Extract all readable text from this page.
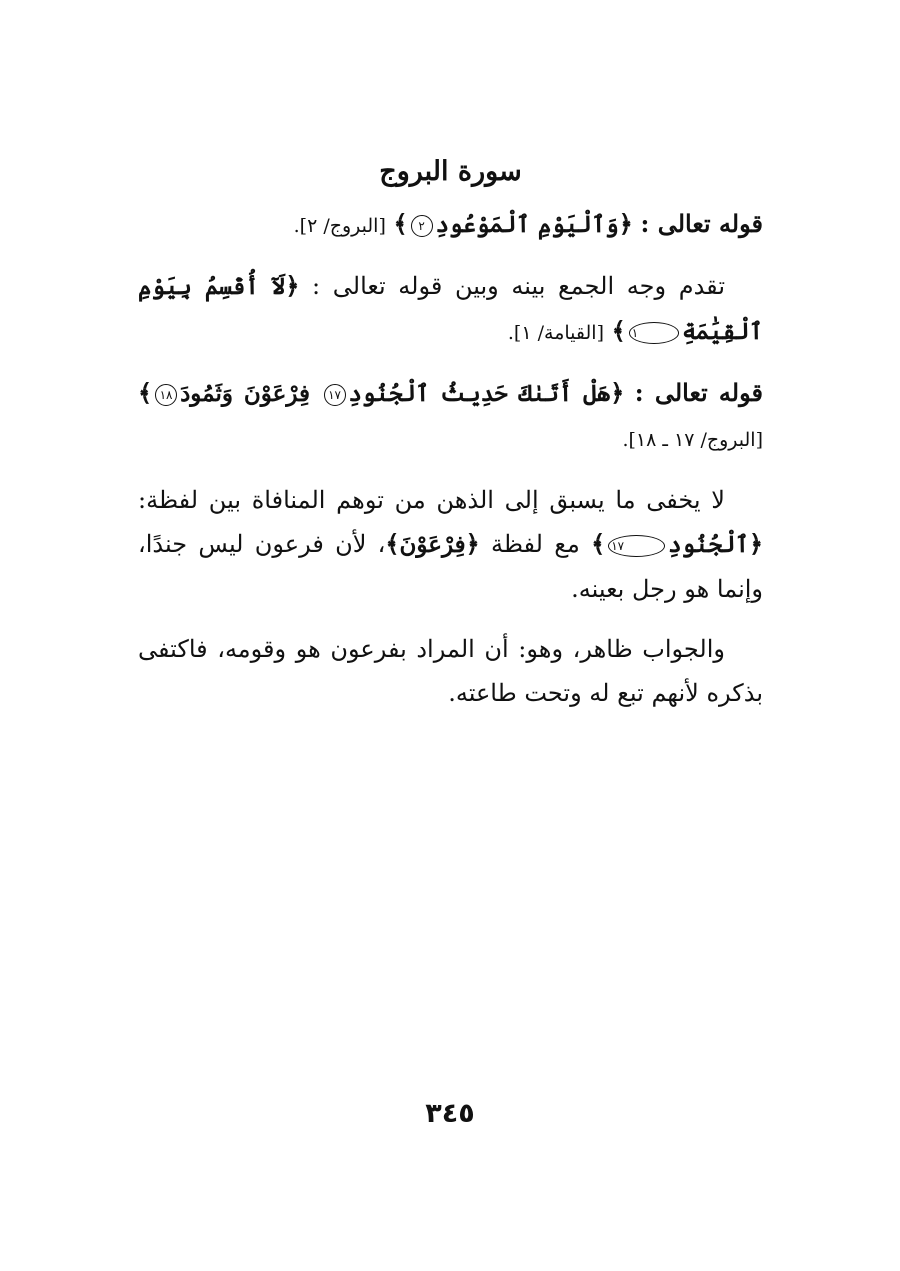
سورة البروج

قوله تعالى : ﴿وَٱلْيَوْمِ ٱلْمَوْعُودِ٢﴾ [البروج/ ٢].

تقدم وجه الجمع بينه وبين قوله تعالى : ﴿لَآ أُقْسِمُ بِيَوْمِ ٱلْقِيَٰمَةِ١﴾ [القيامة/ ١].

قوله تعالى : ﴿هَلْ أَتَىٰكَ حَدِيثُ ٱلْجُنُودِ١٧ فِرْعَوْنَ وَثَمُودَ١٨﴾ [البروج/ ١٧ ـ ١٨].

لا يخفى ما يسبق إلى الذهن من توهم المنافاة بين لفظة: ﴿ٱلْجُنُودِ١٧﴾ مع لفظة ﴿فِرْعَوْنَ﴾، لأن فرعون ليس جندًا، وإنما هو رجل بعينه.

والجواب ظاهر، وهو: أن المراد بفرعون هو وقومه، فاكتفى بذكره لأنهم تبع له وتحت طاعته.

٣٤٥
